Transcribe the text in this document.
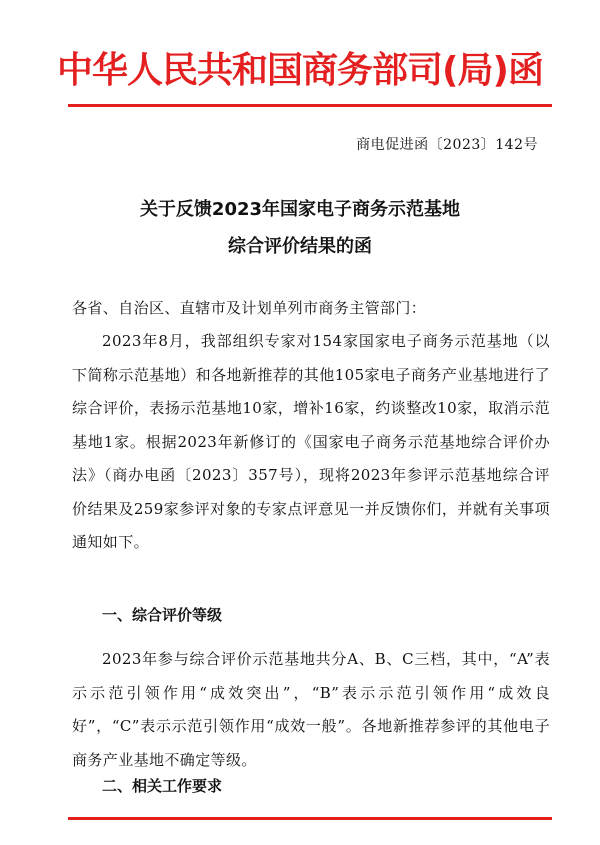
中华人民共和国商务部司(局)函
商电促进函〔2023〕142号
关于反馈2023年国家电子商务示范基地
综合评价结果的函

各省、自治区、直辖市及计划单列市商务主管部门：

2023年8月，我部组织专家对154家国家电子商务示范基地（以下简称示范基地）和各地新推荐的其他105家电子商务产业基地进行了综合评价，表扬示范基地10家，增补16家，约谈整改10家，取消示范基地1家。根据2023年新修订的《国家电子商务示范基地综合评价办法》（商办电函〔2023〕357号），现将2023年参评示范基地综合评价结果及259家参评对象的专家点评意见一并反馈你们，并就有关事项通知如下。

一、综合评价等级

2023年参与综合评价示范基地共分A、B、C三档，其中，“A”表示示范引领作用“成效突出”，“B”表示示范引领作用“成效良好”，“C”表示示范引领作用“成效一般”。各地新推荐参评的其他电子商务产业基地不确定等级。

二、相关工作要求
